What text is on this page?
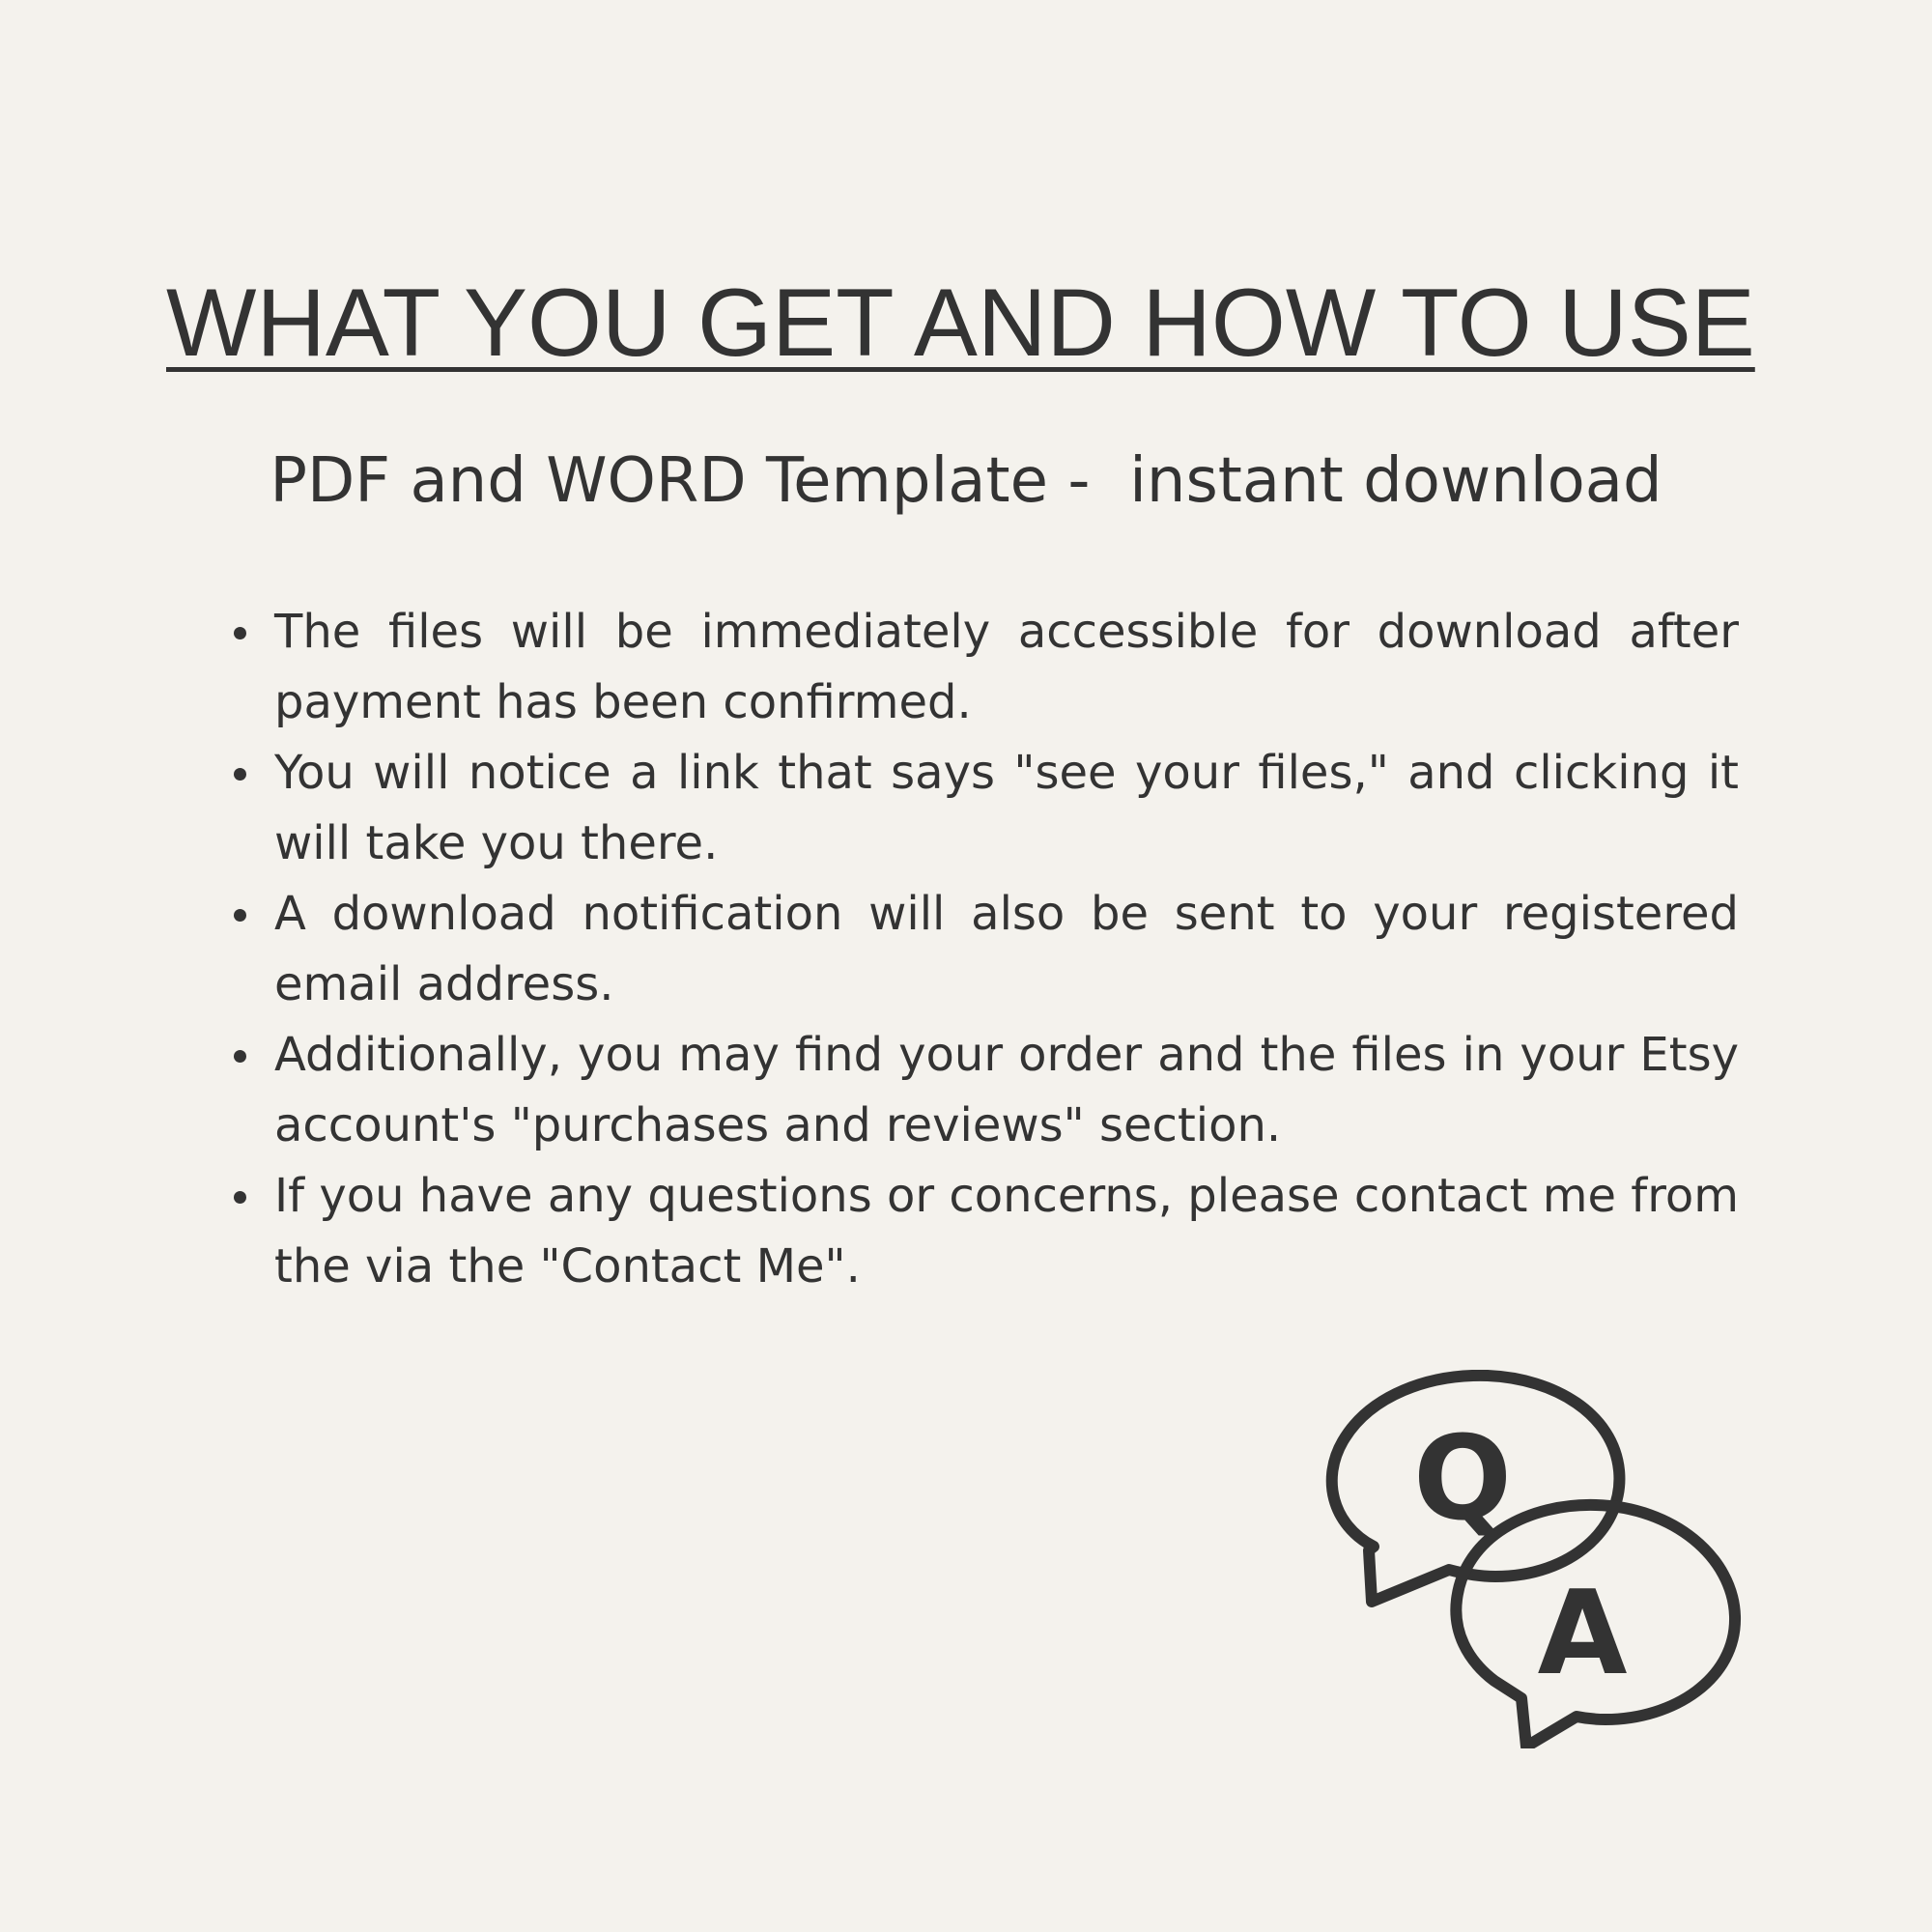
WHAT YOU GET AND HOW TO USE
PDF and WORD Template -  instant download
The files will be immediately accessible for download after payment has been confirmed.
You will notice a link that says "see your files," and clicking it will take you there.
A download notification will also be sent to your registered email address.
Additionally, you may find your order and the files in your Etsy account's "purchases and reviews" section.
If you have any questions or concerns, please contact me from the via the "Contact Me".
Q
A
